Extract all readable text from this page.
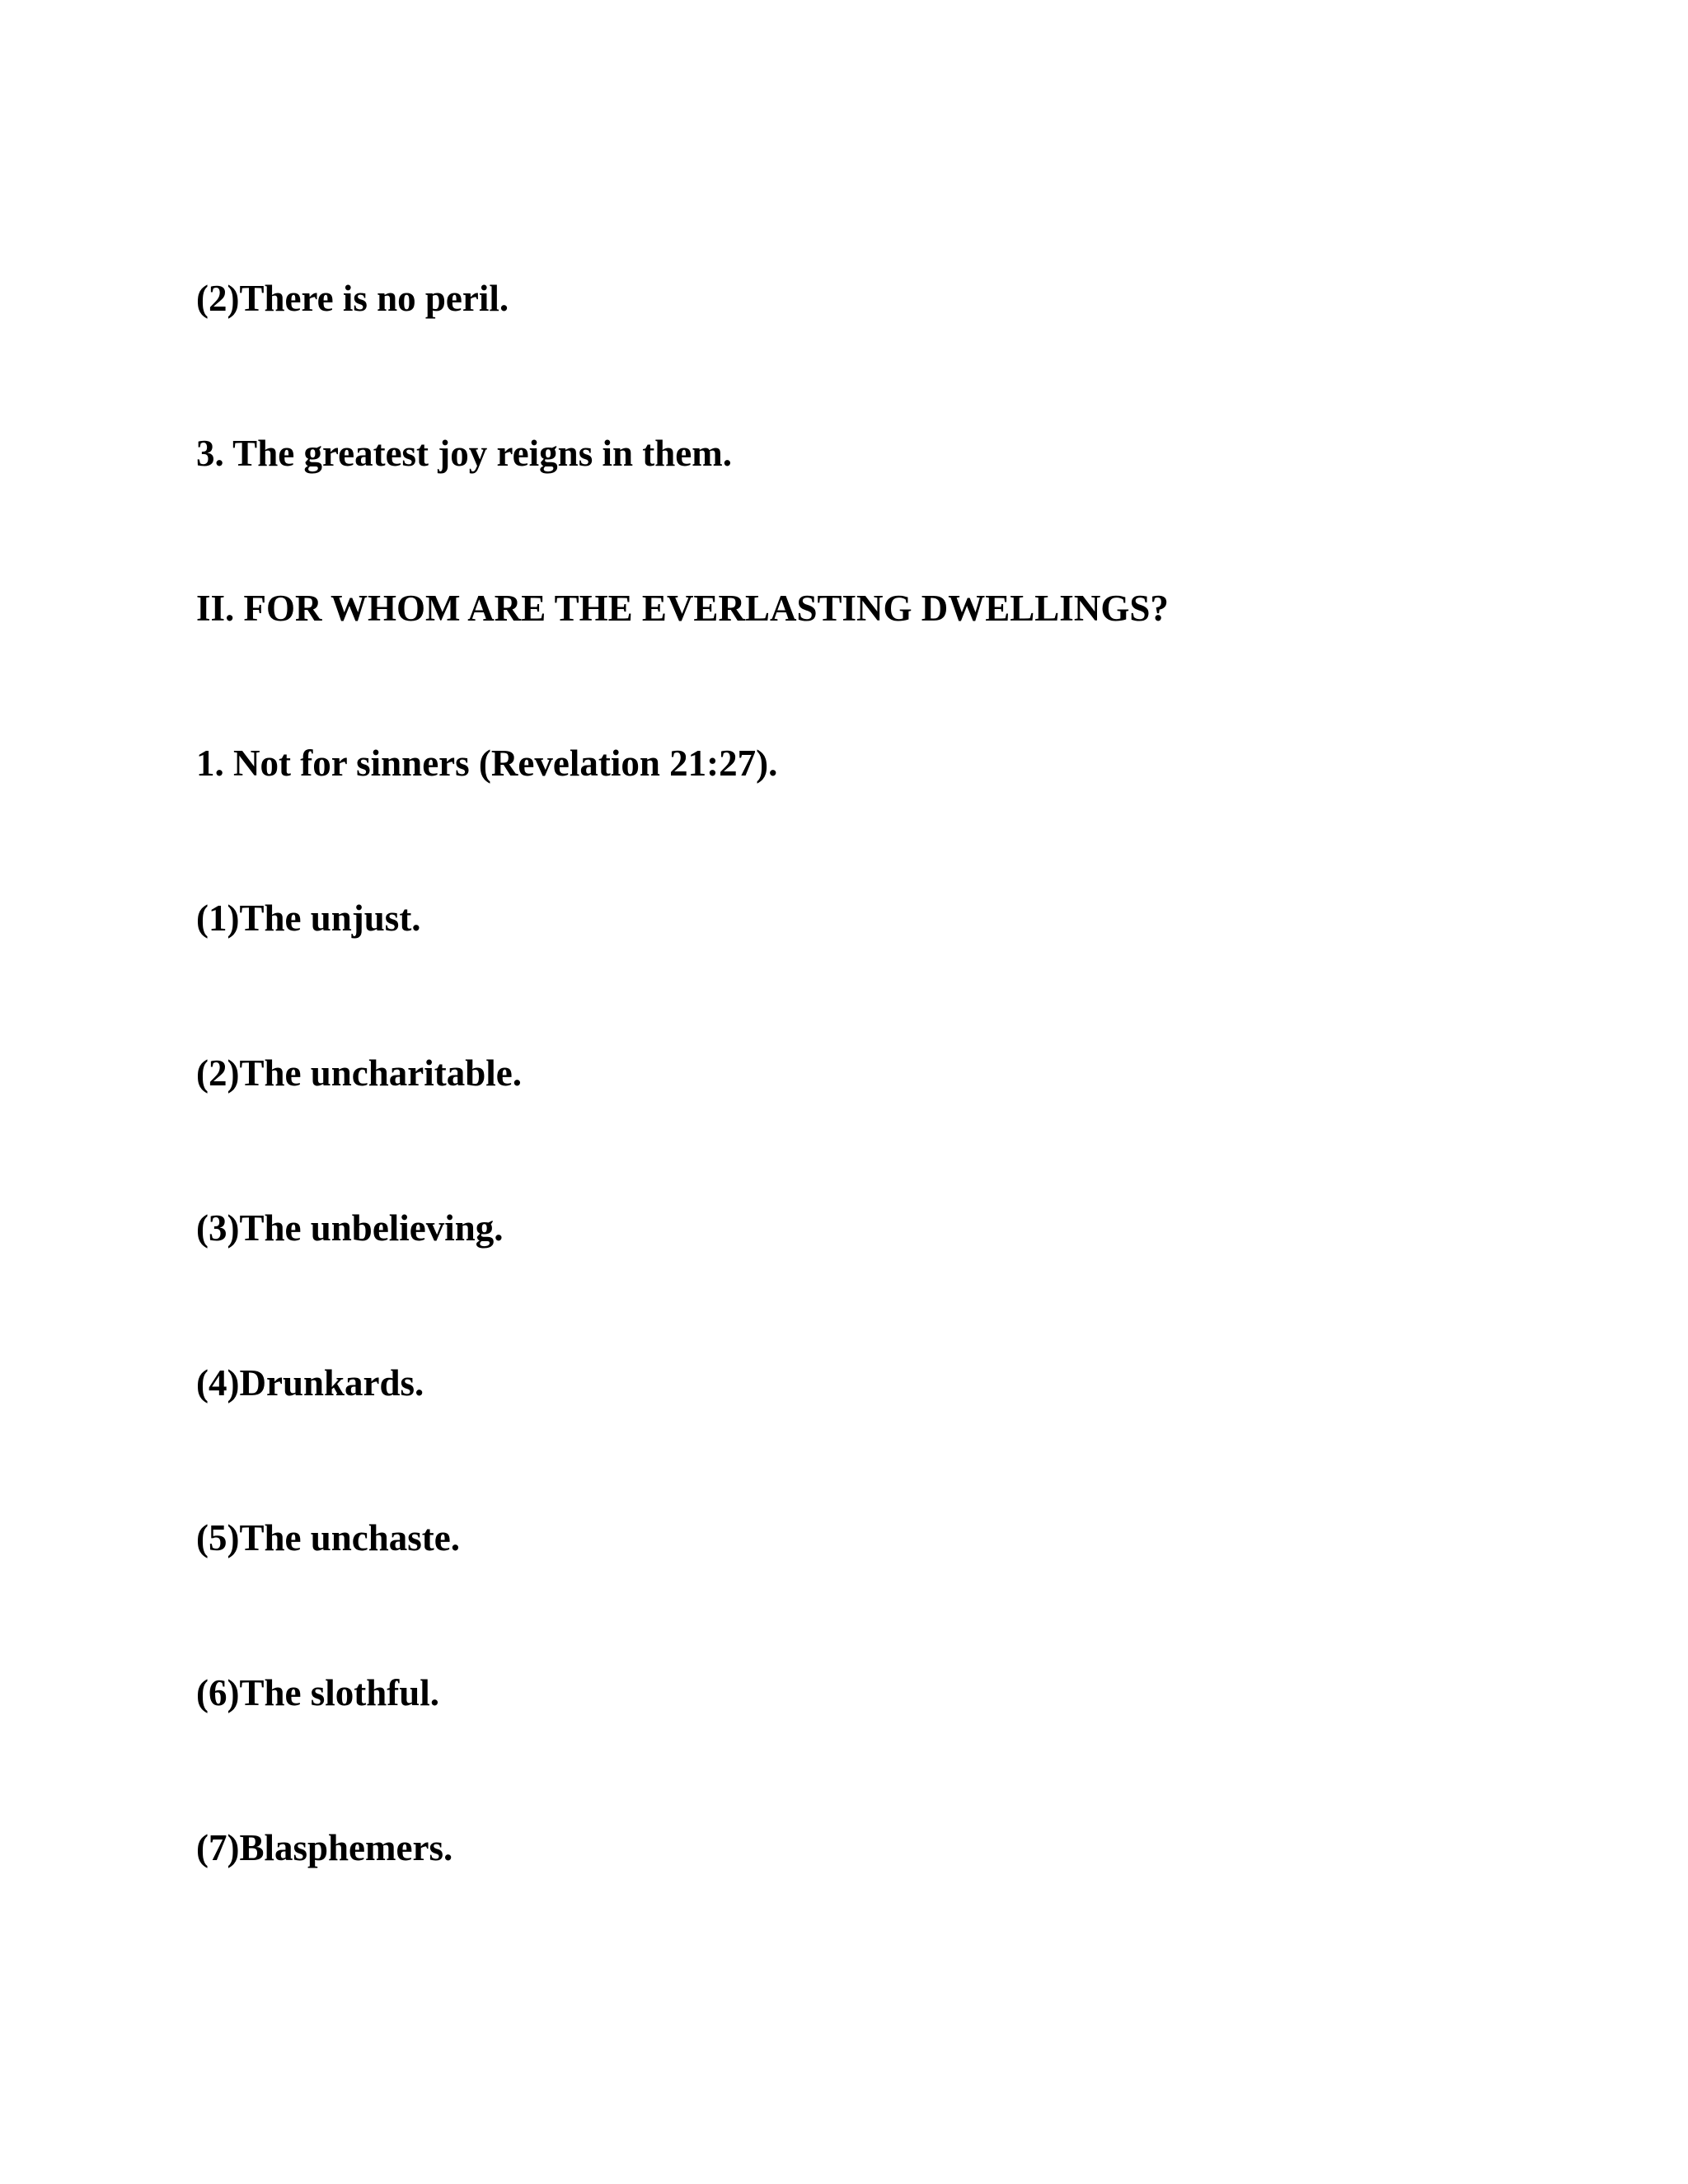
(2)There is no peril.

3. The greatest joy reigns in them.

II. FOR WHOM ARE THE EVERLASTING DWELLINGS?

1. Not for sinners (Revelation 21:27).

(1)The unjust.

(2)The uncharitable.

(3)The unbelieving.

(4)Drunkards.

(5)The unchaste.

(6)The slothful.

(7)Blasphemers.
